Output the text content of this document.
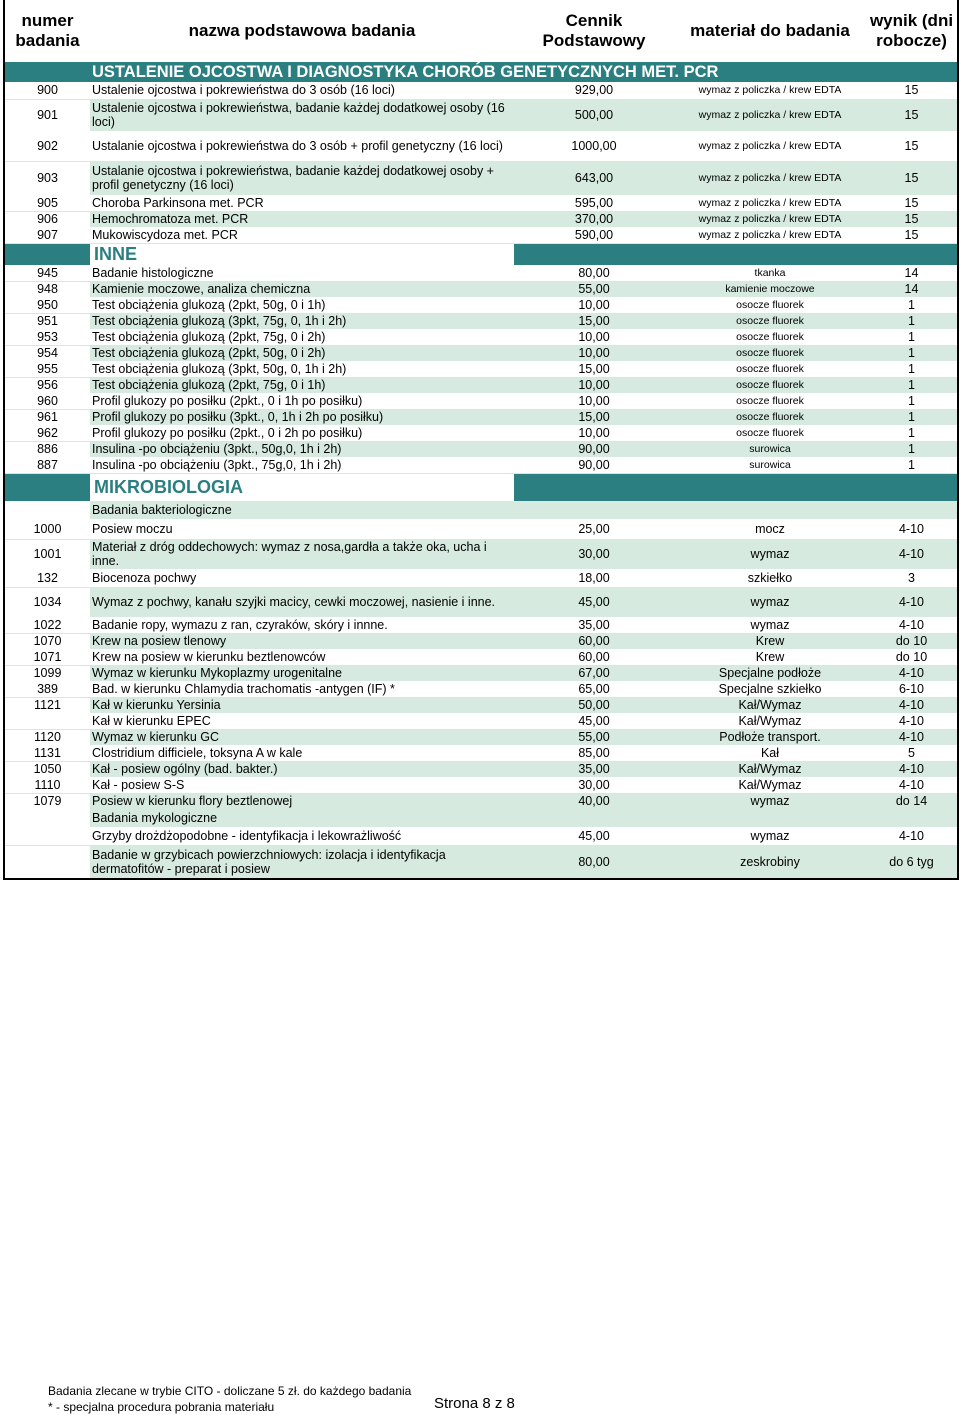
numer badania	nazwa podstawowa badania	Cennik Podstawowy	materiał do badania	wynik (dni robocze)
	USTALENIE OJCOSTWA I DIAGNOSTYKA CHORÓB GENETYCZNYCH MET. PCR			
900	Ustalenie ojcostwa i pokrewieństwa do 3 osób (16 loci)	929,00	wymaz z policzka / krew EDTA	15
901	Ustalenie ojcostwa i pokrewieństwa, badanie każdej dodatkowej osoby (16 loci)	500,00	wymaz z policzka / krew EDTA	15
902	Ustalanie ojcostwa i pokrewieństwa do 3 osób + profil genetyczny (16 loci)	1000,00	wymaz z policzka / krew EDTA	15
903	Ustalanie ojcostwa i pokrewieństwa, badanie każdej dodatkowej osoby + profil genetyczny (16 loci)	643,00	wymaz z policzka / krew EDTA	15
905	Choroba Parkinsona met. PCR	595,00	wymaz z policzka / krew EDTA	15
906	Hemochromatoza met. PCR	370,00	wymaz z policzka / krew EDTA	15
907	Mukowiscydoza met. PCR	590,00	wymaz z policzka / krew EDTA	15
	INNE			
945	Badanie histologiczne	80,00	tkanka	14
948	Kamienie moczowe, analiza chemiczna	55,00	kamienie moczowe	14
950	Test obciążenia glukozą (2pkt, 50g, 0 i 1h)	10,00	osocze fluorek	1
951	Test obciążenia glukozą (3pkt, 75g, 0, 1h i 2h)	15,00	osocze fluorek	1
953	Test obciążenia glukozą (2pkt, 75g, 0 i 2h)	10,00	osocze fluorek	1
954	Test obciążenia glukozą (2pkt, 50g, 0 i 2h)	10,00	osocze fluorek	1
955	Test obciążenia glukozą (3pkt, 50g, 0, 1h i 2h)	15,00	osocze fluorek	1
956	Test obciążenia glukozą (2pkt, 75g, 0 i 1h)	10,00	osocze fluorek	1
960	Profil glukozy po posiłku (2pkt., 0 i 1h po posiłku)	10,00	osocze fluorek	1
961	Profil glukozy po posiłku (3pkt., 0, 1h i 2h po posiłku)	15,00	osocze fluorek	1
962	Profil glukozy po posiłku (2pkt., 0 i 2h po posiłku)	10,00	osocze fluorek	1
886	Insulina -po obciążeniu (3pkt., 50g,0, 1h i 2h)	90,00	surowica	1
887	Insulina -po obciążeniu (3pkt., 75g,0, 1h i 2h)	90,00	surowica	1
	MIKROBIOLOGIA			
	Badania bakteriologiczne			
1000	Posiew moczu	25,00	mocz	4-10
1001	Materiał z dróg oddechowych: wymaz z nosa,gardła a także oka, ucha i inne.	30,00	wymaz	4-10
132	Biocenoza pochwy	18,00	szkiełko	3
1034	Wymaz z pochwy, kanału szyjki macicy, cewki moczowej, nasienie i inne.	45,00	wymaz	4-10
1022	Badanie ropy, wymazu z ran, czyraków, skóry i innne.	35,00	wymaz	4-10
1070	Krew na posiew tlenowy	60,00	Krew	do 10
1071	Krew na posiew w kierunku beztlenowców	60,00	Krew	do 10
1099	Wymaz w kierunku Mykoplazmy urogenitalne	67,00	Specjalne podłoże	4-10
389	Bad. w kierunku Chlamydia trachomatis -antygen (IF) *	65,00	Specjalne szkiełko	6-10
1121	Kał w kierunku Yersinia	50,00	Kał/Wymaz	4-10
	Kał w kierunku EPEC	45,00	Kał/Wymaz	4-10
1120	Wymaz w kierunku GC	55,00	Podłoże transport.	4-10
1131	Clostridium difficiele, toksyna A w kale	85,00	Kał	5
1050	Kał - posiew ogólny (bad. bakter.)	35,00	Kał/Wymaz	4-10
1110	Kał - posiew S-S	30,00	Kał/Wymaz	4-10
1079	Posiew w kierunku flory beztlenowej	40,00	wymaz	do 14
	Badania mykologiczne			
	Grzyby drożdżopodobne - identyfikacja i lekowrażliwość	45,00	wymaz	4-10
	Badanie w grzybicach powierzchniowych: izolacja i identyfikacja dermatofitów - preparat i posiew	80,00	zeskrobiny	do 6 tyg
Badania zlecane w trybie CITO - doliczane 5 zł. do każdego badania
* - specjalna procedura pobrania materiału	Strona 8 z 8
